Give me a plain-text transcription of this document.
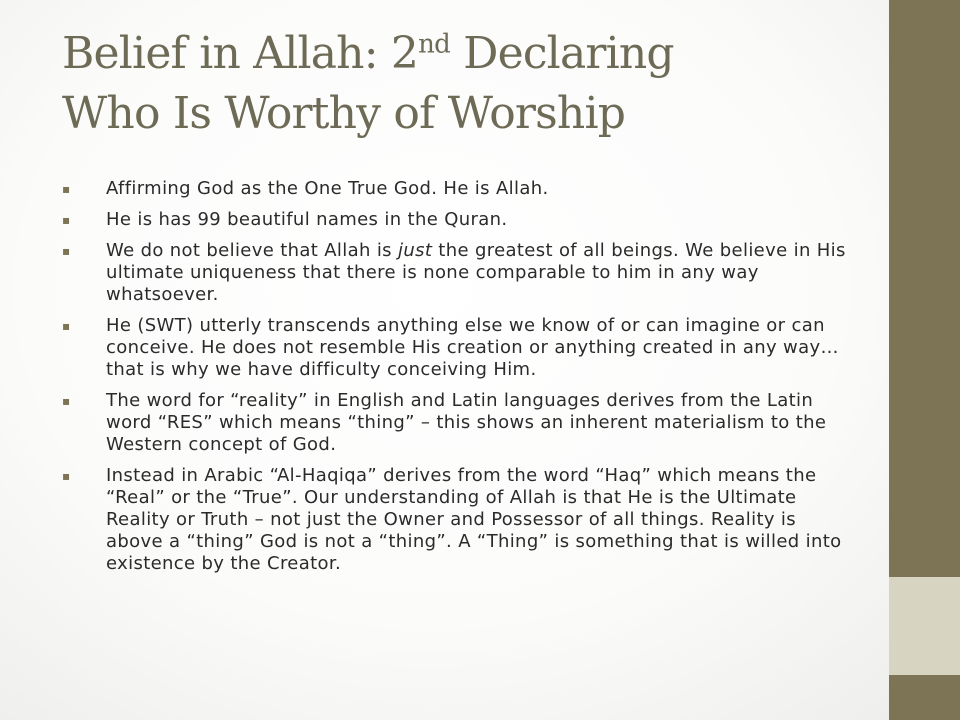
Belief in Allah: 2nd Declaring
Who Is Worthy of Worship
▪ Affirming God as the One True God. He is Allah.
▪ He is has 99 beautiful names in the Quran.
▪ We do not believe that Allah is just the greatest of all beings. We believe in His ultimate uniqueness that there is none comparable to him in any way whatsoever.
▪ He (SWT) utterly transcends anything else we know of or can imagine or can conceive. He does not resemble His creation or anything created in any way… that is why we have difficulty conceiving Him.
▪ The word for “reality” in English and Latin languages derives from the Latin word “RES” which means “thing” – this shows an inherent materialism to the Western concept of God.
▪ Instead in Arabic “Al-Haqiqa” derives from the word “Haq” which means the “Real” or the “True”. Our understanding of Allah is that He is the Ultimate Reality or Truth – not just the Owner and Possessor of all things. Reality is above a “thing” God is not a “thing”. A “Thing” is something that is willed into existence by the Creator.
